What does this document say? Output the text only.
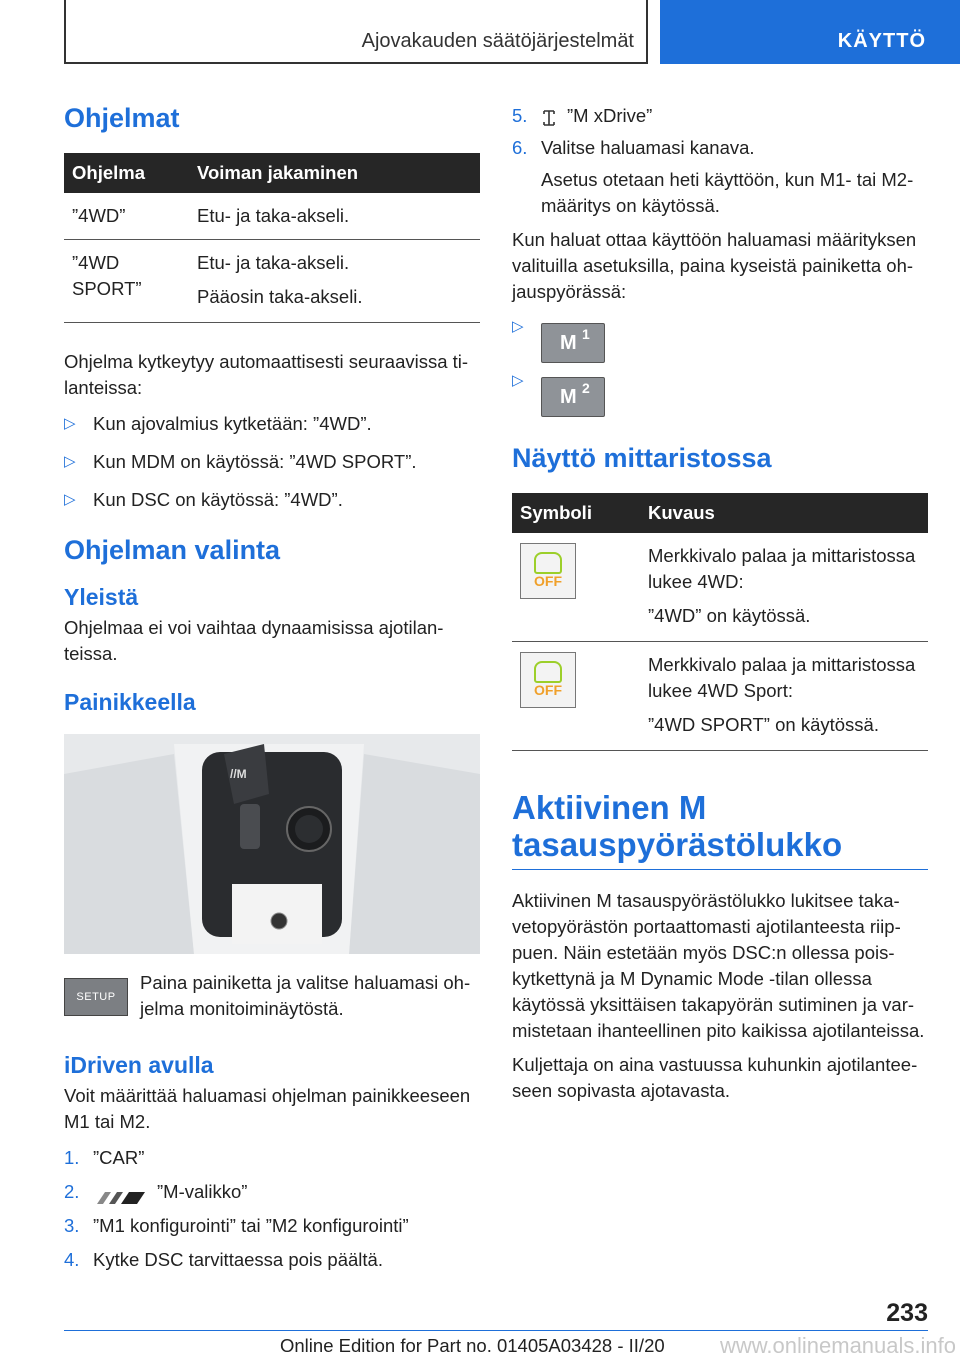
Ajovakauden säätöjärjestelmät	KÄYTTÖ
Ohjelmat
Ohjelma	Voiman jakaminen
”4WD”	Etu- ja taka-akseli.
”4WD SPORT”	Etu- ja taka-akseli.
Pääosin taka-akseli.

Ohjelma kytkeytyy automaattisesti seuraavissa tilanteissa:

▷ Kun ajovalmius kytketään: ”4WD”.

▷ Kun MDM on käytössä: ”4WD SPORT”.

▷ Kun DSC on käytössä: ”4WD”.

Ohjelman valinta
Yleistä

Ohjelmaa ei voi vaihtaa dynaamisissa ajotilanteissa.

Painikkeella
//M
SETUP

Paina painiketta ja valitse haluamasi ohjelma monitoiminäytöstä.

iDriven avulla

Voit määrittää haluamasi ohjelman painikkeeseen M1 tai M2.

1. ”CAR”

2.	”M-valikko”

3. ”M1 konfigurointi” tai ”M2 konfigurointi”

4. Kytke DSC tarvittaessa pois päältä.

5. ”M xDrive”

6. Valitse haluamasi kanava.

Asetus otetaan heti käyttöön, kun M1- tai M2-määritys on käytössä.

Kun haluat ottaa käyttöön haluamasi määrityksen valituilla asetuksilla, paina kyseistä painiketta ohjauspyörässä:

▷
M 1
▷
M 2
Näyttö mittaristossa
Symboli	Kuvaus

OFF	Merkkivalo palaa ja mittaristossa lukee 4WD:
”4WD” on käytössä.

OFF	Merkkivalo palaa ja mittaristossa lukee 4WD Sport:
”4WD SPORT” on käytössä.
Aktiivinen M tasauspyörästölukko

Aktiivinen M tasauspyörästölukko lukitsee takavetopyörästön portaattomasti ajotilanteesta riippuen. Näin estetään myös DSC:n ollessa poiskytkettynä ja M Dynamic Mode -tilan ollessa käytössä yksittäisen takapyörän sutiminen ja varmistetaan ihanteellinen pito kaikissa ajotilanteissa.

Kuljettaja on aina vastuussa kuhunkin ajotilanteeseen sopivasta ajotavasta.

233
Online Edition for Part no. 01405A03428 - II/20	www.onlinemanuals.info
